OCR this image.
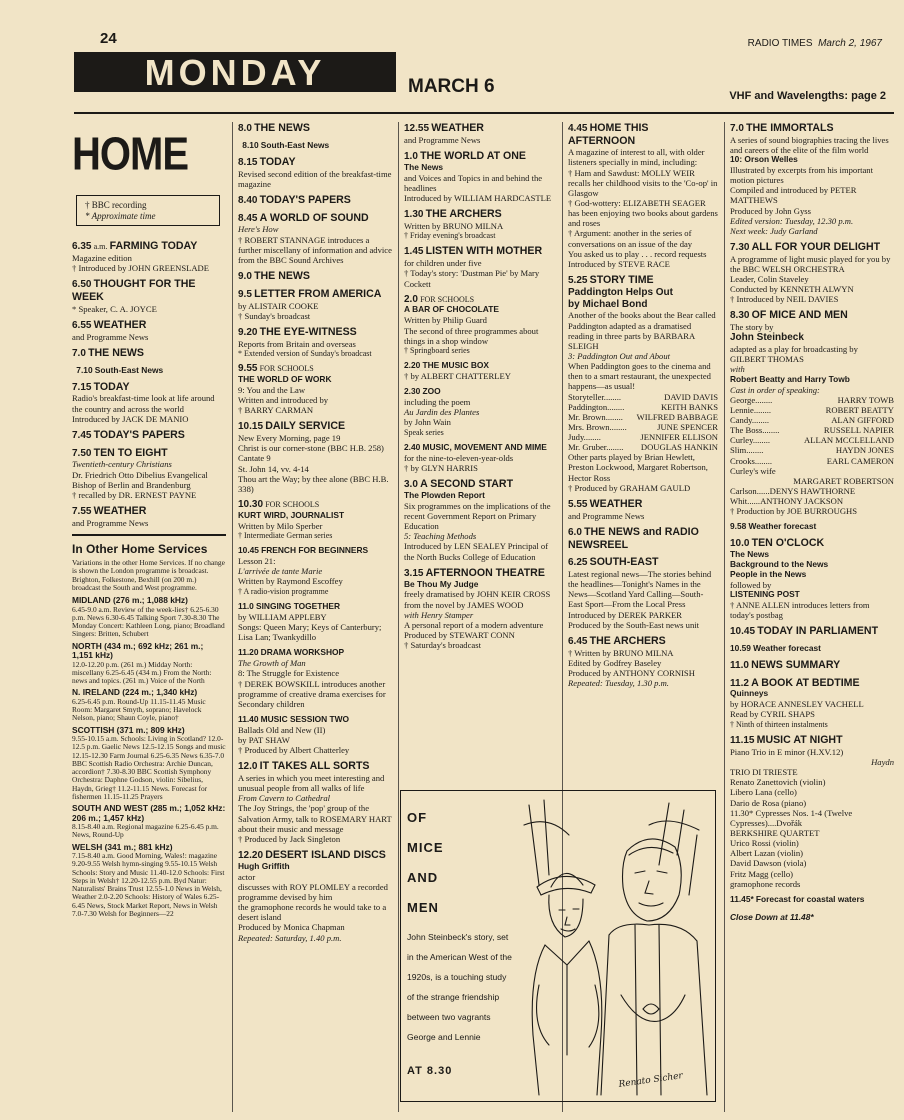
24	RADIO TIMES March 2, 1967
MONDAY	MARCH 6	VHF and Wavelengths: page 2
HOME
† BBC recording
* Approximate time
6.35 a.m. FARMING TODAY
Magazine edition
† Introduced by JOHN GREENSLADE
6.50 THOUGHT FOR THE WEEK
* Speaker, C. A. JOYCE
6.55 WEATHER
and Programme News
7.0 THE NEWS
7.10 South-East News
7.15 TODAY
Radio's breakfast-time look at life around the country and across the world
Introduced by JACK DE MANIO
7.45 TODAY'S PAPERS
7.50 TEN TO EIGHT
Twentieth-century Christians
Dr. Friedrich Otto Dibelius Evangelical Bishop of Berlin and Brandenburg
† recalled by DR. ERNEST PAYNE
7.55 WEATHER
and Programme News
In Other Home Services
Variations in the other Home Services. If no change is shown the London programme is broadcast. Brighton, Folkestone, Bexhill (on 200 m.) broadcast the South and West programme.
MIDLAND (276 m.; 1,088 kHz)
6.45-9.0 a.m. Review of the week-lies† 6.25-6.30 p.m. News 6.30-6.45 Talking Sport 7.30-8.30 The Monday Concert: Kathleen Long, piano; Broadland Singers: Britten, Schubert
NORTH (434 m.; 692 kHz; 261 m.; 1,151 kHz)
12.0-12.20 p.m. (261 m.) Midday North: miscellany 6.25-6.45 (434 m.) From the North: news and topics. (261 m.) Voice of the North
N. IRELAND (224 m.; 1,340 kHz)
6.25-6.45 p.m. Round-Up 11.15-11.45 Music Room: Margaret Smyth, soprano; Havelock Nelson, piano; Shaun Coyle, piano†
SCOTTISH (371 m.; 809 kHz)
9.55-10.15 a.m. Schools: Living in Scotland? 12.0-12.5 p.m. Gaelic News 12.5-12.15 Songs and music 12.15-12.30 Farm Journal 6.25-6.35 News 6.35-7.0 BBC Scottish Radio Orchestra: Archie Duncan, accordion† 7.30-8.30 BBC Scottish Symphony Orchestra: Daphne Godson, violin: Sibelius, Haydn, Grieg† 11.2-11.15 News. Forecast for fishermen 11.15-11.25 Prayers
SOUTH AND WEST (285 m.; 1,052 kHz: 206 m.; 1,457 kHz)
8.15-8.40 a.m. Regional magazine 6.25-6.45 p.m. News, Round-Up
WELSH (341 m.; 881 kHz)
7.15-8.40 a.m. Good Morning, Wales!: magazine 9.20-9.55 Welsh hymn-singing 9.55-10.15 Welsh Schools: Story and Music 11.40-12.0 Schools: First Steps in Welsh† 12.20-12.55 p.m. Byd Natur: Naturalists' Brains Trust 12.55-1.0 News in Welsh, Weather 2.0-2.20 Schools: History of Wales 6.25-6.45 News, Stock Market Report, News in Welsh 7.0-7.30 Welsh for Beginners—22
8.0 THE NEWS
8.10 South-East News
8.15 TODAY
Revised second edition of the breakfast-time magazine
8.40 TODAY'S PAPERS
8.45 A WORLD OF SOUND
Here's How
† ROBERT STANNAGE introduces a further miscellany of information and advice from the BBC Sound Archives
9.0 THE NEWS
9.5 LETTER FROM AMERICA
by ALISTAIR COOKE
† Sunday's broadcast
9.20 THE EYE-WITNESS
Reports from Britain and overseas
* Extended version of Sunday's broadcast
9.55 FOR SCHOOLS
THE WORLD OF WORK
9: You and the Law
Written and introduced by
† BARRY CARMAN
10.15 DAILY SERVICE
New Every Morning, page 19
Christ is our corner-stone (BBC H.B. 258)
Cantate 9
St. John 14, vv. 4-14
Thou art the Way; by thee alone (BBC H.B. 338)
10.30 FOR SCHOOLS
KURT WIRD, JOURNALIST
Written by Milo Sperber
† Intermediate German series
10.45 FRENCH FOR BEGINNERS
Lesson 21:
L'arrivée de tante Marie
Written by Raymond Escoffey
† A radio-vision programme
11.0 SINGING TOGETHER
by WILLIAM APPLEBY
Songs: Queen Mary; Keys of Canterbury; Lisa Lan; Twankydillo
11.20 DRAMA WORKSHOP
The Growth of Man
8: The Struggle for Existence
† DEREK BOWSKILL introduces another programme of creative drama exercises for Secondary children
11.40 MUSIC SESSION TWO
Ballads Old and New (II)
by PAT SHAW
† Produced by Albert Chatterley
12.0 IT TAKES ALL SORTS
A series in which you meet interesting and unusual people from all walks of life
From Cavern to Cathedral
The Joy Strings, the 'pop' group of the Salvation Army, talk to ROSEMARY HART about their music and message
† Produced by Jack Singleton
12.20 DESERT ISLAND DISCS
Hugh Griffith
actor
discusses with ROY PLOMLEY a recorded programme devised by him
the gramophone records he would take to a desert island
Produced by Monica Chapman
Repeated: Saturday, 1.40 p.m.
12.55 WEATHER
and Programme News
1.0 THE WORLD AT ONE
The News
and Voices and Topics in and behind the headlines
Introduced by WILLIAM HARDCASTLE
1.30 THE ARCHERS
Written by BRUNO MILNA
† Friday evening's broadcast
1.45 LISTEN WITH MOTHER
for children under five
† Today's story: 'Dustman Pie' by Mary Cockett
2.0 FOR SCHOOLS
A BAR OF CHOCOLATE
Written by Philip Guard
The second of three programmes about things in a shop window
† Springboard series
2.20 THE MUSIC BOX
† by ALBERT CHATTERLEY
2.30 ZOO
including the poem
Au Jardin des Plantes
by John Wain
Speak series
2.40 MUSIC, MOVEMENT AND MIME
for the nine-to-eleven-year-olds
† by GLYN HARRIS
3.0 A SECOND START
The Plowden Report
Six programmes on the implications of the recent Government Report on Primary Education
5: Teaching Methods
Introduced by LEN SEALEY Principal of the North Bucks College of Education
3.15 AFTERNOON THEATRE
Be Thou My Judge
freely dramatised by JOHN KEIR CROSS from the novel by JAMES WOOD
with Henry Stamper
A personal report of a modern adventure
Produced by STEWART CONN
† Saturday's broadcast
4.45 HOME THIS AFTERNOON
A magazine of interest to all, with older listeners specially in mind, including:
† Ham and Sawdust: MOLLY WEIR recalls her childhood visits to the 'Co-op' in Glasgow
† God-wottery: ELIZABETH SEAGER has been enjoying two books about gardens and roses
† Argument: another in the series of conversations on an issue of the day
You asked us to play . . . record requests
Introduced by STEVE RACE
5.25 STORY TIME
Paddington Helps Out
by Michael Bond
Another of the books about the Bear called Paddington adapted as a dramatised reading in three parts by BARBARA SLEIGH
3: Paddington Out and About
When Paddington goes to the cinema and then to a smart restaurant, the unexpected happens—as usual!
Storyteller........	DAVID DAVIS
Paddington........	KEITH BANKS
Mr. Brown........ WILFRED BABBAGE
Mrs. Brown........	JUNE SPENCER
Judy........	JENNIFER ELLISON
Mr. Gruber........ DOUGLAS HANKIN
Other parts played by Brian Hewlett, Preston Lockwood, Margaret Robertson, Hector Ross
† Produced by GRAHAM GAULD
5.55 WEATHER
and Programme News
6.0 THE NEWS and RADIO NEWSREEL
6.25 SOUTH-EAST
Latest regional news—The stories behind the headlines—Tonight's Names in the News—Scotland Yard Calling—South-East Sport—From the Local Press
Introduced by DEREK PARKER
Produced by the South-East news unit
6.45 THE ARCHERS
† Written by BRUNO MILNA
Edited by Godfrey Baseley
Produced by ANTHONY CORNISH
Repeated: Tuesday, 1.30 p.m.
7.0 THE IMMORTALS
A series of sound biographies tracing the lives and careers of the elite of the film world
10: Orson Welles
Illustrated by excerpts from his important motion pictures
Compiled and introduced by PETER MATTHEWS
Produced by John Gyss
Edited version: Tuesday, 12.30 p.m.
Next week: Judy Garland
7.30 ALL FOR YOUR DELIGHT
A programme of light music played for you by the BBC WELSH ORCHESTRA
Leader, Colin Staveley
Conducted by KENNETH ALWYN
† Introduced by NEIL DAVIES
8.30 OF MICE AND MEN
The story by
John Steinbeck
adapted as a play for broadcasting by GILBERT THOMAS
with
Robert Beatty and Harry Towb
Cast in order of speaking:
George........	HARRY TOWB
Lennie........	ROBERT BEATTY
Candy........	ALAN GIFFORD
The Boss........	RUSSELL NAPIER
Curley........	ALLAN MCCLELLAND
Slim........	HAYDN JONES
Crooks........	EARL CAMERON
Curley's wife
MARGARET ROBERTSON
Carlson......DENYS HAWTHORNE
Whit......ANTHONY JACKSON
† Production by JOE BURROUGHS
9.58 Weather forecast
10.0 TEN O'CLOCK
The News
Background to the News
People in the News
followed by
LISTENING POST
† ANNE ALLEN introduces letters from today's postbag
10.45 TODAY IN PARLIAMENT
10.59 Weather forecast
11.0 NEWS SUMMARY
11.2 A BOOK AT BEDTIME
Quinneys
by HORACE ANNESLEY VACHELL
Read by CYRIL SHAPS
† Ninth of thirteen instalments
11.15 MUSIC AT NIGHT
Piano Trio in E minor (H.XV.12)
Haydn
TRIO DI TRIESTE
Renato Zanettovich (violin)
Libero Lana (cello)
Dario de Rosa (piano)
11.30* Cypresses Nos. 1-4 (Twelve Cypresses)....Dvořák
BERKSHIRE QUARTET
Urico Rossi (violin)
Albert Lazan (violin)
David Dawson (viola)
Fritz Magg (cello)
gramophone records
11.45* Forecast for coastal waters
Close Down at 11.48*
OF
MICE
AND
MEN
John Steinbeck's story, set in the American West of the 1920s, is a touching study of the strange friendship between two vagrants George and Lennie
AT 8.30
Renato Sicher
